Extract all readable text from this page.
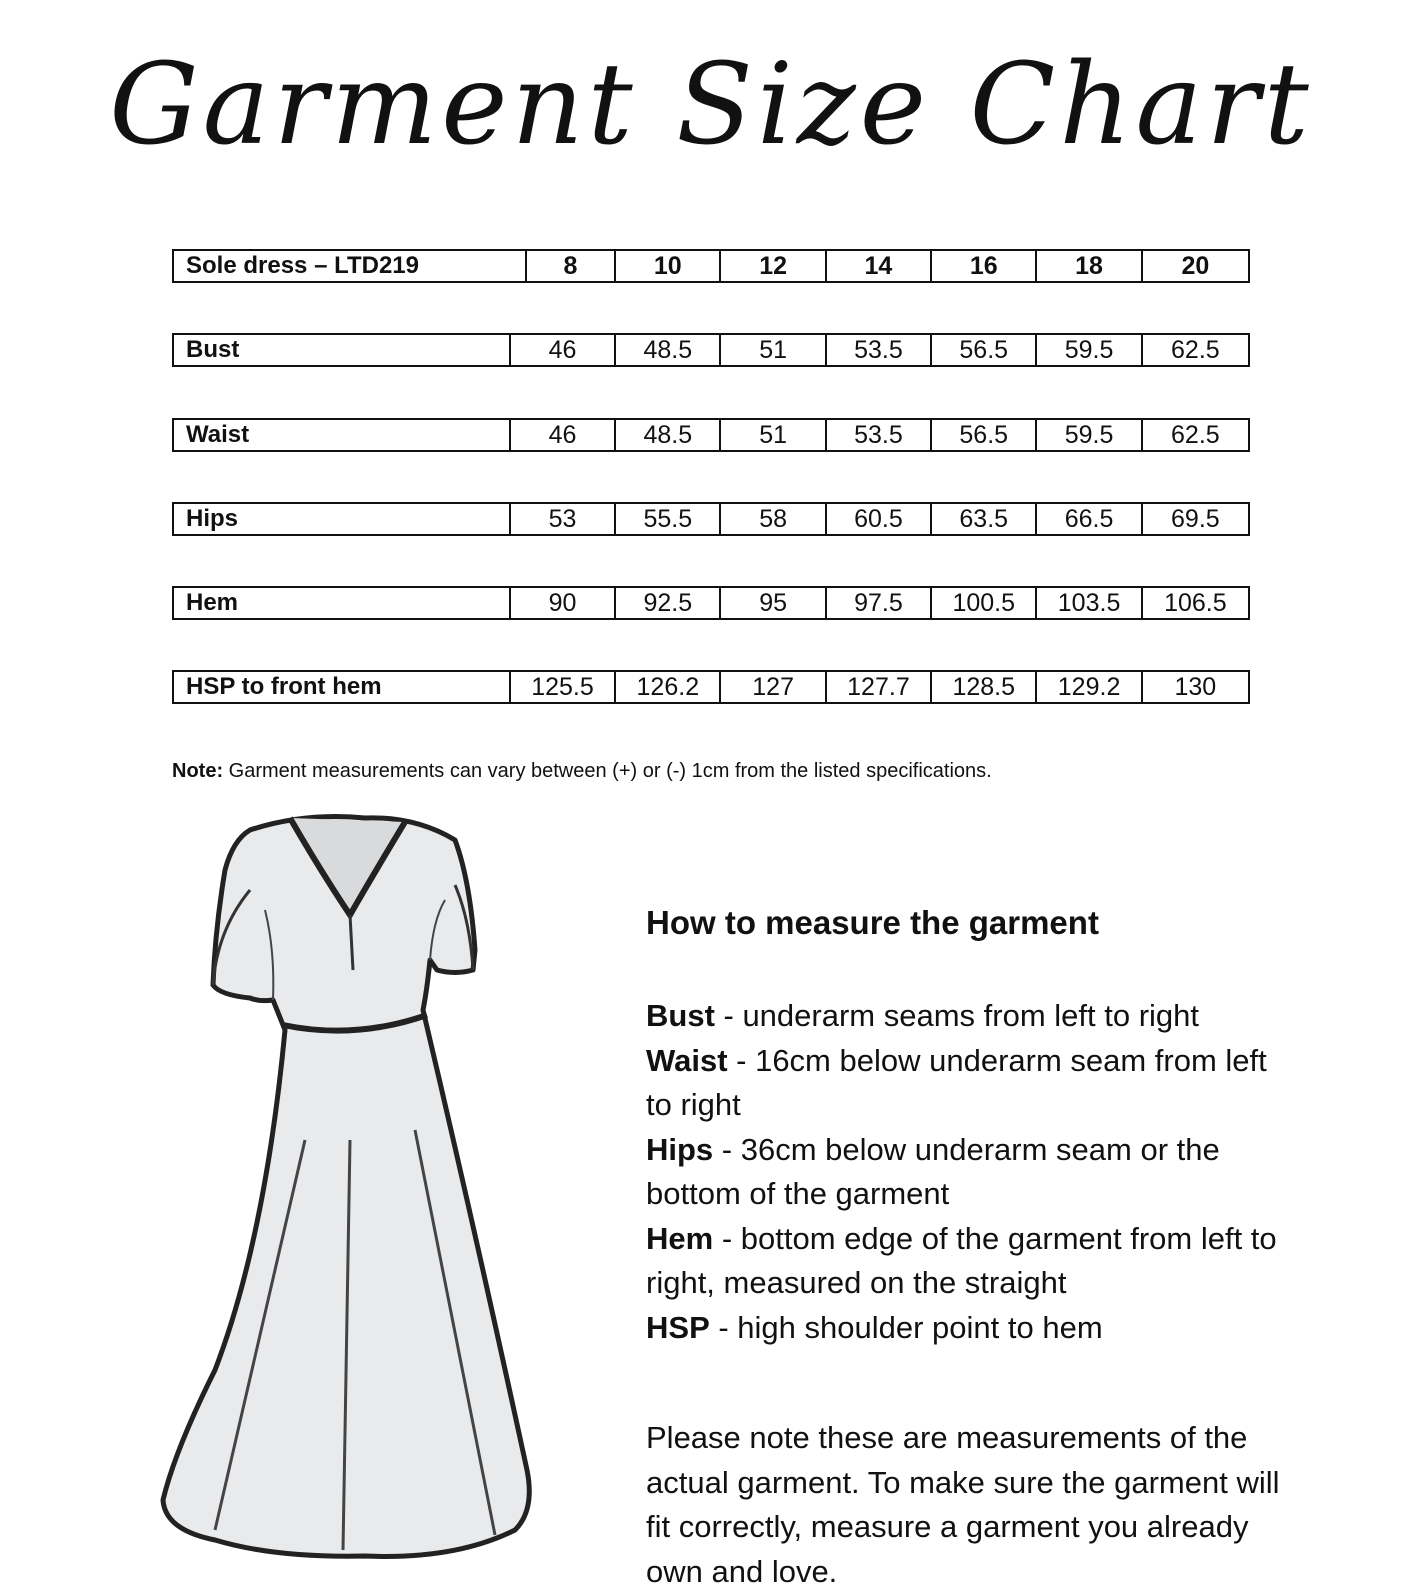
Garment Size Chart
Sole dress – LTD219	8	10	12	14	16	18	20
Bust	46	48.5	51	53.5	56.5	59.5	62.5
Waist	46	48.5	51	53.5	56.5	59.5	62.5
Hips	53	55.5	58	60.5	63.5	66.5	69.5
Hem	90	92.5	95	97.5	100.5	103.5	106.5
HSP to front hem	125.5	126.2	127	127.7	128.5	129.2	130
Note: Garment measurements can vary between (+) or (-) 1cm from the listed specifications.
How to measure the garment
Bust - underarm seams from left to right
Waist - 16cm below underarm seam from left to right
Hips - 36cm below underarm seam or the bottom of the garment
Hem - bottom edge of the garment from left to right, measured on the straight
HSP - high shoulder point to hem
Please note these are measurements of the actual garment. To make sure the garment will fit correctly, measure a garment you already own and love.
